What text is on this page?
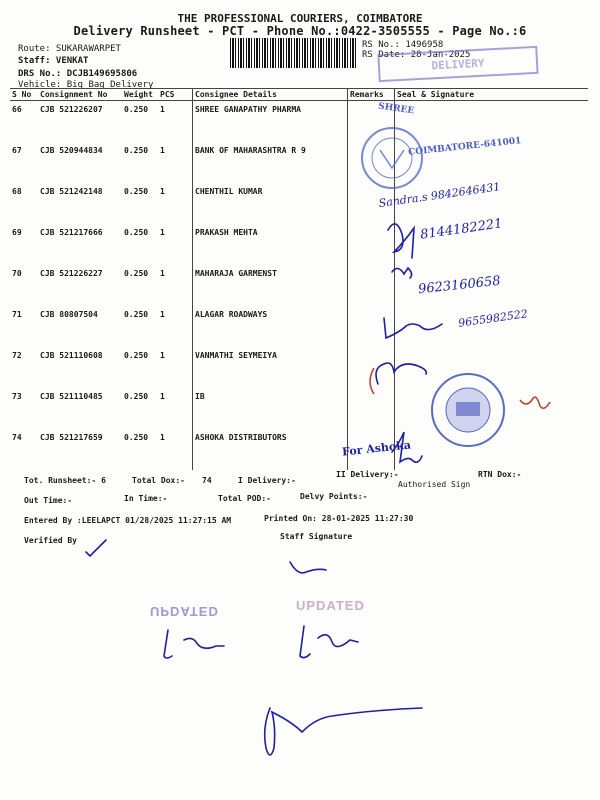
THE PROFESSIONAL COURIERS, COIMBATORE
Delivery Runsheet - PCT - Phone No.:0422-3505555 - Page No.:6
Route: SUKARAWARPET
Staff: VENKAT
DRS No.: DCJB149695806
Vehicle: Big Bag Delivery
RS No.: 1496958
RS Date: 28-Jan-2025
DELIVERY
S No	Consignment No	Weight	PCS	Consignee Details	Remarks	Seal & Signature
66	CJB 521226207	0.250	1	SHREE GANAPATHY PHARMA		
67	CJB 520944834	0.250	1	BANK OF MAHARASHTRA R 9		
68	CJB 521242148	0.250	1	CHENTHIL KUMAR		
69	CJB 521217666	0.250	1	PRAKASH MEHTA		
70	CJB 521226227	0.250	1	MAHARAJA GARMENST		
71	CJB 80807504	0.250	1	ALAGAR ROADWAYS		
72	CJB 521110608	0.250	1	VANMATHI SEYMEIYA		
73	CJB 521110485	0.250	1	IB		
74	CJB 521217659	0.250	1	ASHOKA DISTRIBUTORS		
SHREE
COIMBATORE-641001
Sandra.s 9842646431
8144182221
9623160658
9655982522
For Ashoka
Tot. Runsheet:- 6	Total Dox:- 74	I Delivery:-
II Delivery:-
Authorised Sign
RTN Dox:-
Out Time:-	In Time:-	Total POD:-	Delvy Points:-
Entered By :LEELAPCT 01/28/2025 11:27:15 AM	Printed On: 28-01-2025 11:27:30
Verified By	Staff Signature
UPDATED	UPDATED
